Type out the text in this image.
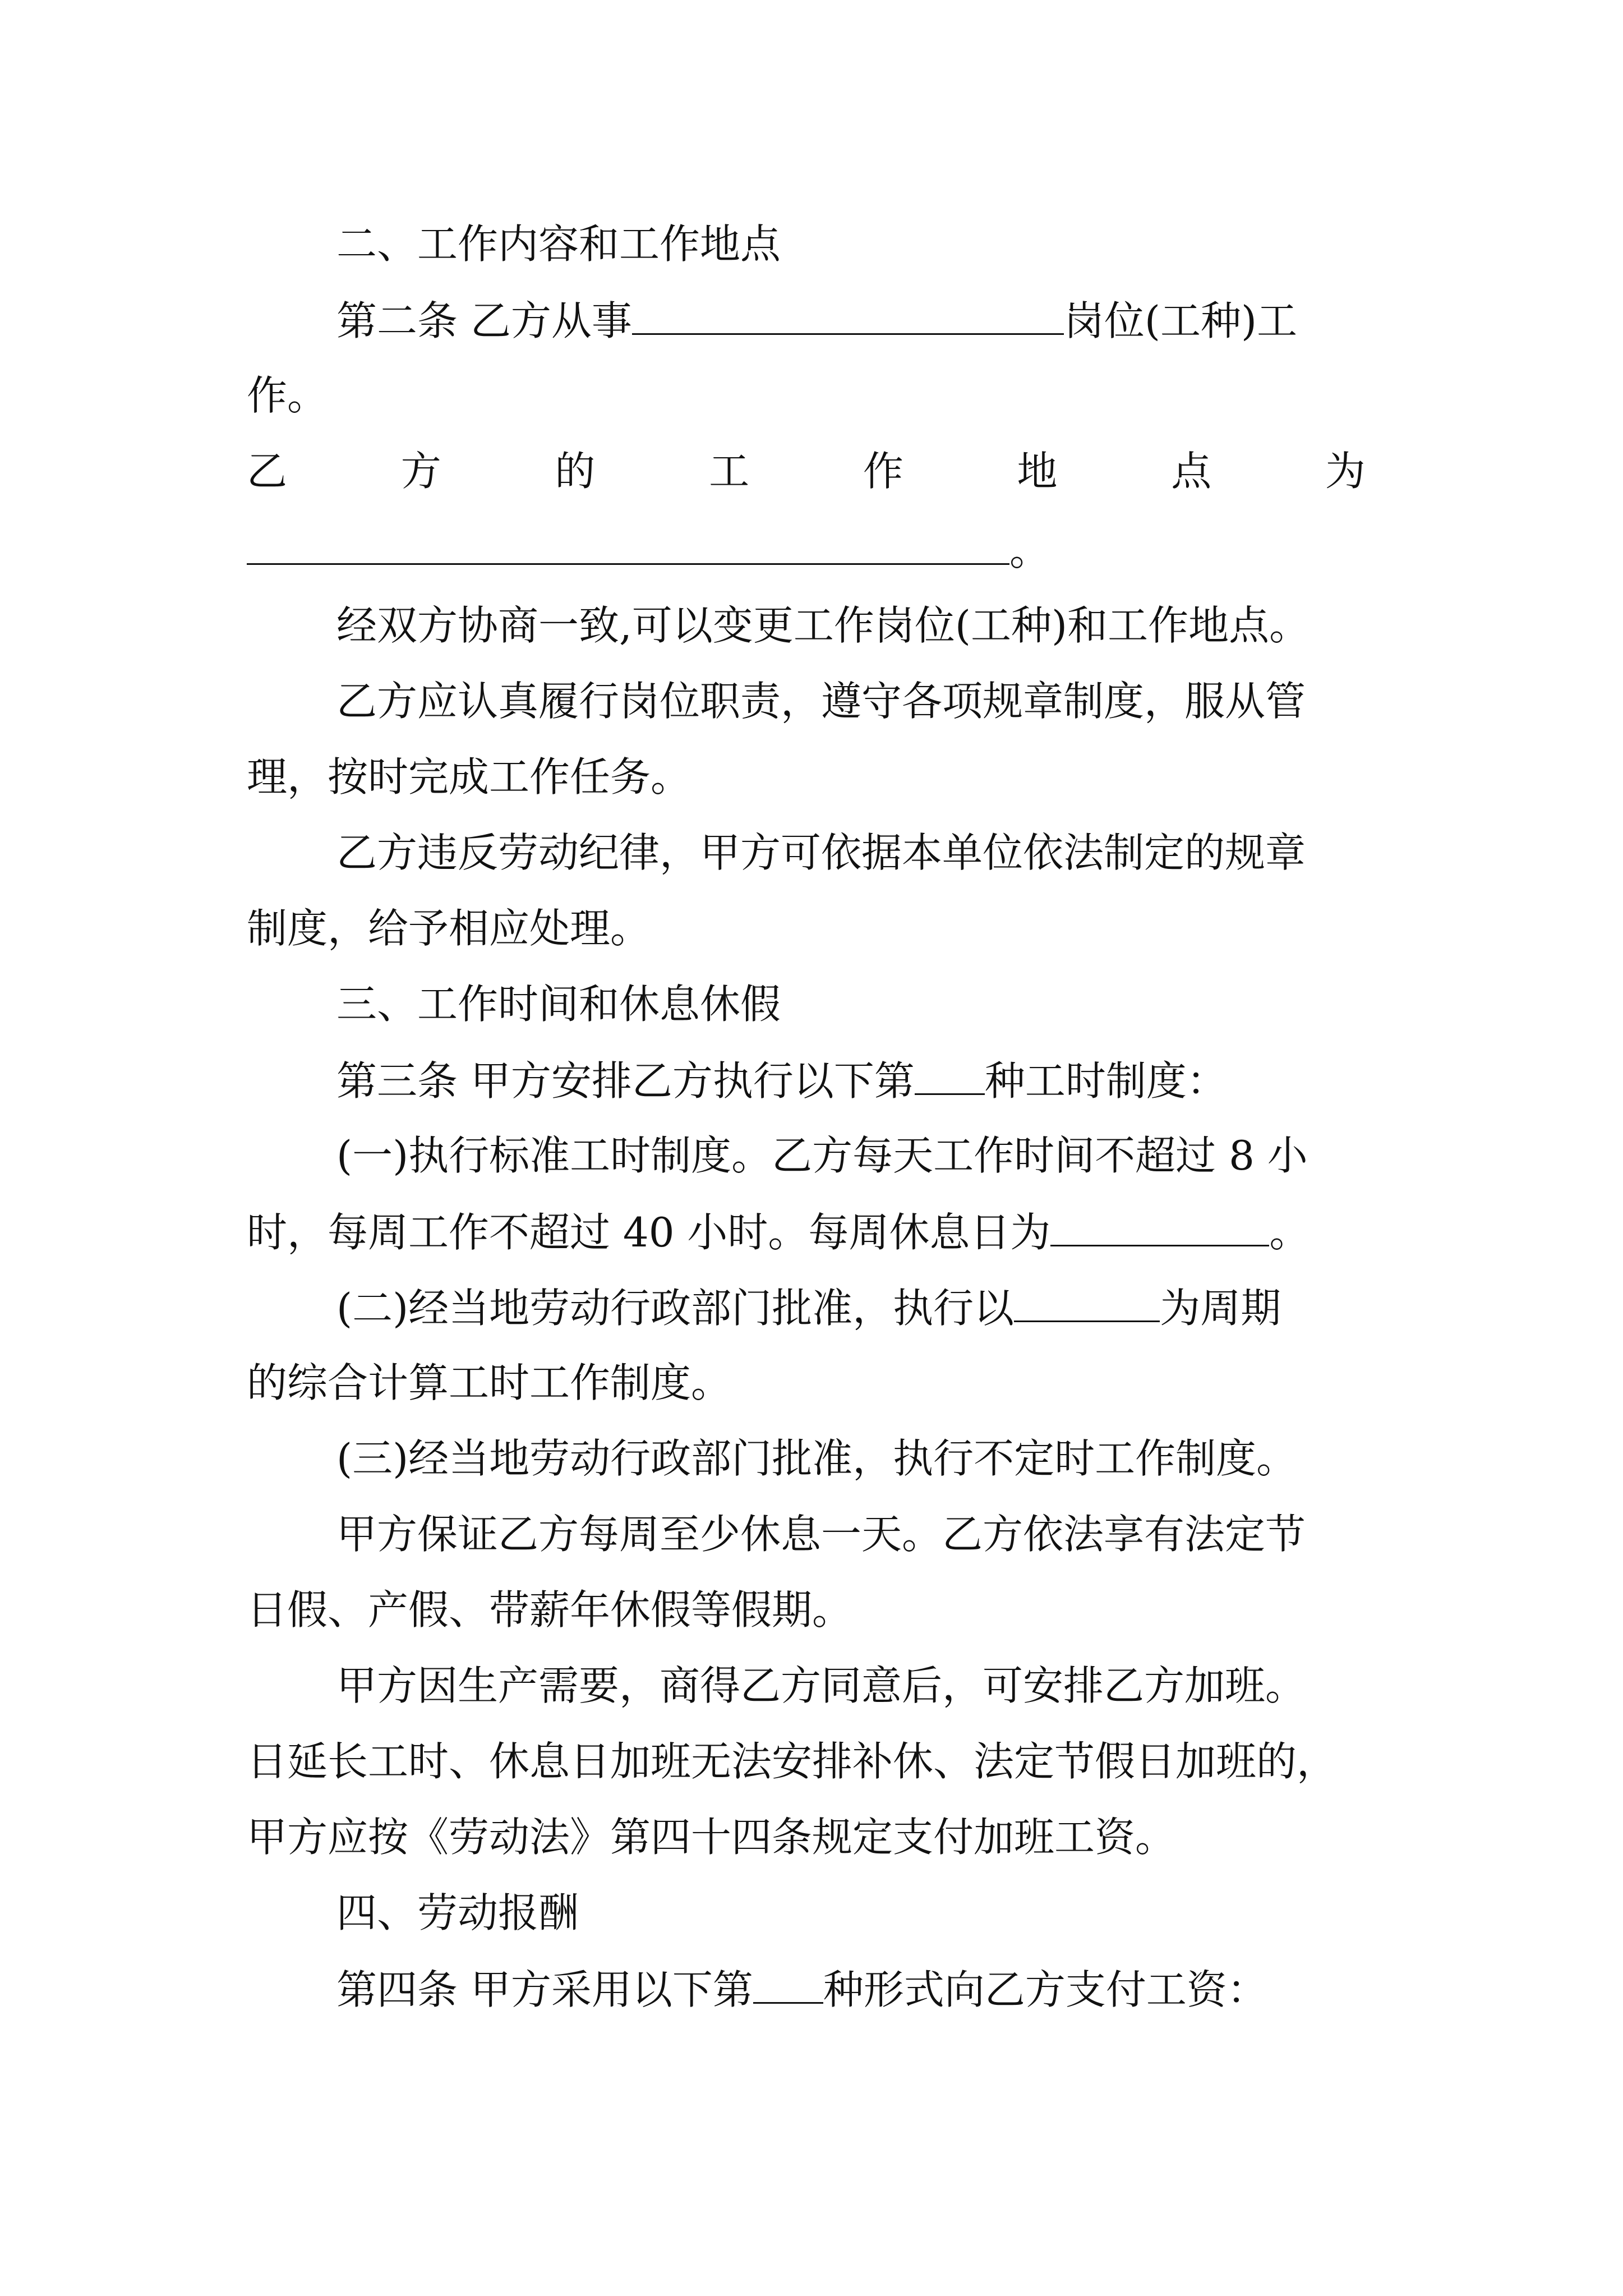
二、工作内容和工作地点
第二条 乙方从事	岗位(工种)工
作。
乙	方	的	工	作	地	点	为
。
经双方协商一致,可以变更工作岗位(工种)和工作地点。
乙方应认真履行岗位职责，遵守各项规章制度，服从管
理，按时完成工作任务。
乙方违反劳动纪律，甲方可依据本单位依法制定的规章
制度，给予相应处理。
三、工作时间和休息休假
第三条 甲方安排乙方执行以下第 种工时制度：
(一)执行标准工时制度。乙方每天工作时间不超过 8 小
时，每周工作不超过 40 小时。每周休息日为	。
(二)经当地劳动行政部门批准，执行以	为周期
的综合计算工时工作制度。
(三)经当地劳动行政部门批准，执行不定时工作制度。
甲方保证乙方每周至少休息一天。乙方依法享有法定节
日假、产假、带薪年休假等假期。
甲方因生产需要，商得乙方同意后，可安排乙方加班。
日延长工时、休息日加班无法安排补休、法定节假日加班的，
甲方应按《劳动法》第四十四条规定支付加班工资。
四、劳动报酬
第四条 甲方采用以下第 种形式向乙方支付工资：
